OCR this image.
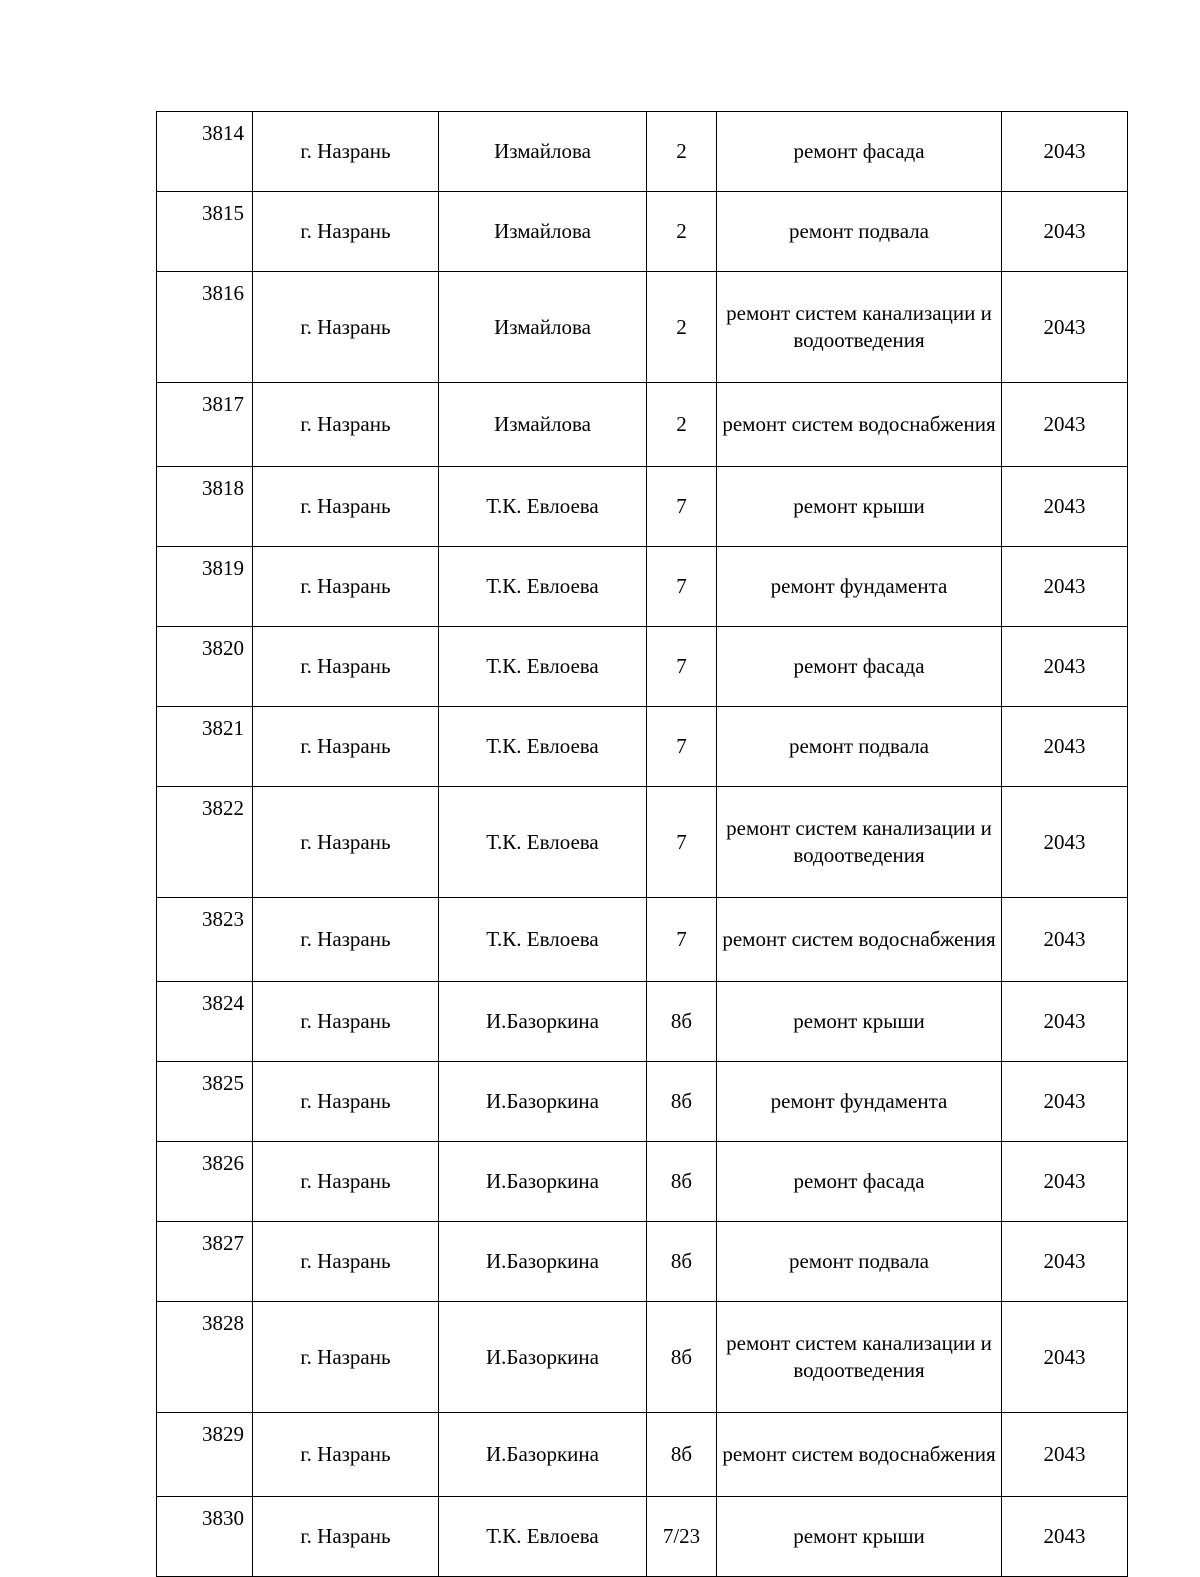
3814	г. Назрань	Измайлова	2	ремонт фасада	2043
3815	г. Назрань	Измайлова	2	ремонт подвала	2043
3816	г. Назрань	Измайлова	2	ремонт систем канализации и водоотведения	2043
3817	г. Назрань	Измайлова	2	ремонт систем водоснабжения	2043
3818	г. Назрань	Т.К. Евлоева	7	ремонт крыши	2043
3819	г. Назрань	Т.К. Евлоева	7	ремонт фундамента	2043
3820	г. Назрань	Т.К. Евлоева	7	ремонт фасада	2043
3821	г. Назрань	Т.К. Евлоева	7	ремонт подвала	2043
3822	г. Назрань	Т.К. Евлоева	7	ремонт систем канализации и водоотведения	2043
3823	г. Назрань	Т.К. Евлоева	7	ремонт систем водоснабжения	2043
3824	г. Назрань	И.Базоркина	8б	ремонт крыши	2043
3825	г. Назрань	И.Базоркина	8б	ремонт фундамента	2043
3826	г. Назрань	И.Базоркина	8б	ремонт фасада	2043
3827	г. Назрань	И.Базоркина	8б	ремонт подвала	2043
3828	г. Назрань	И.Базоркина	8б	ремонт систем канализации и водоотведения	2043
3829	г. Назрань	И.Базоркина	8б	ремонт систем водоснабжения	2043
3830	г. Назрань	Т.К. Евлоева	7/23	ремонт крыши	2043
